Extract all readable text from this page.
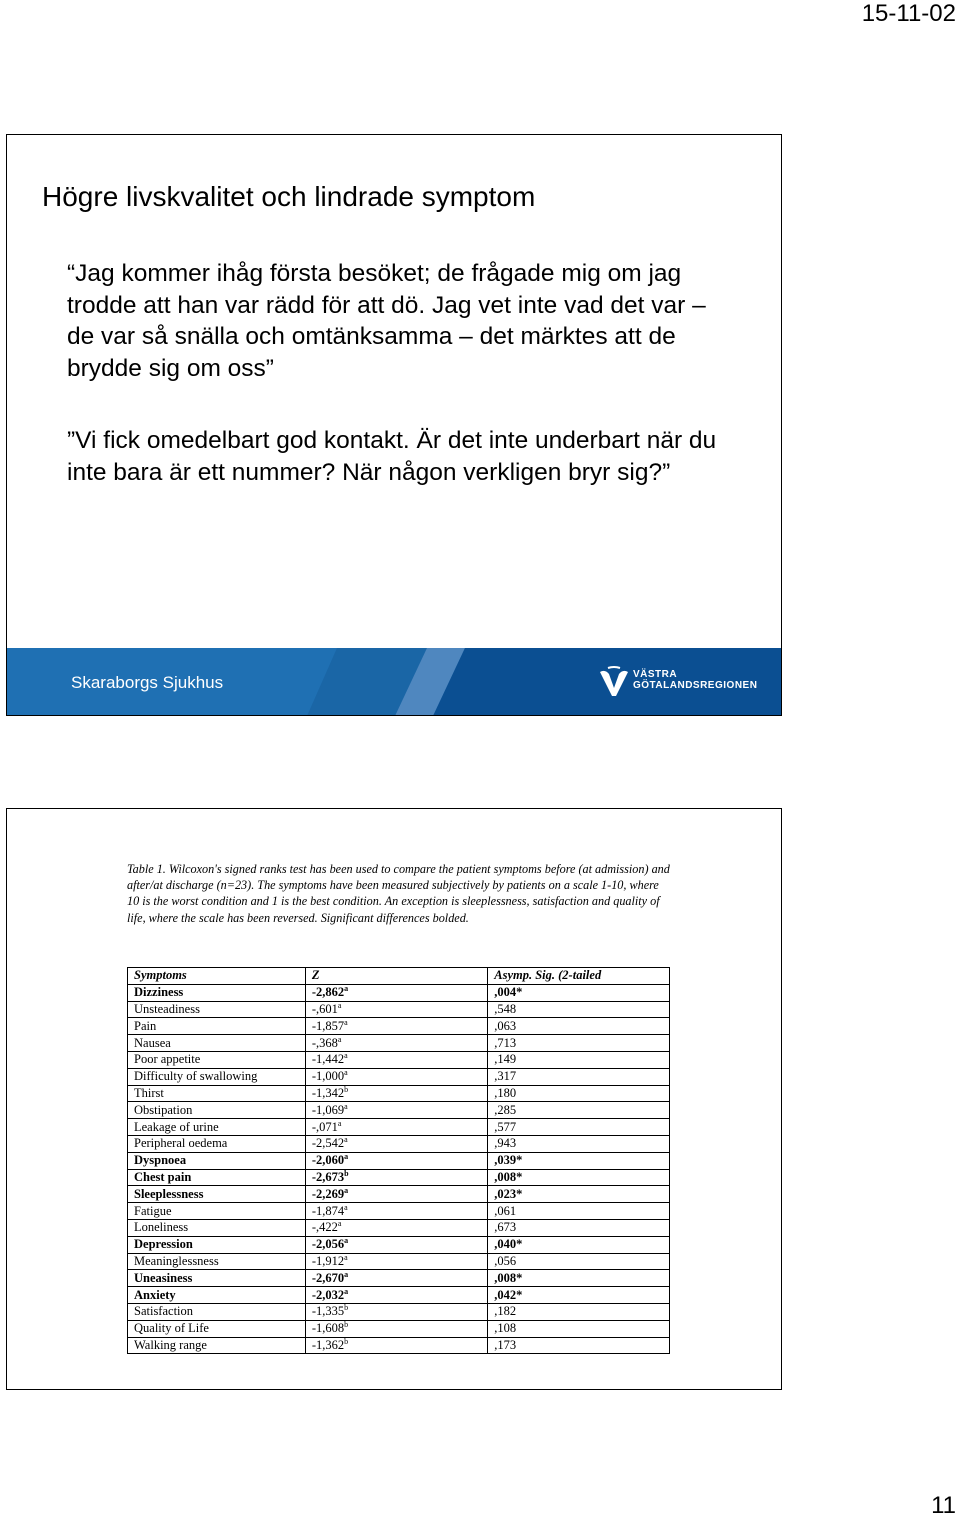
15-11-02
Högre livskvalitet och lindrade symptom
“Jag kommer ihåg första besöket; de frågade mig om jag trodde att han var rädd för att dö. Jag vet inte vad det var – de var så snälla och omtänksamma – det märktes att de brydde sig om oss”
”Vi fick omedelbart god kontakt. Är det inte underbart när du inte bara är ett nummer? När någon verkligen bryr sig?”
Skaraborgs Sjukhus	VÄSTRA
GÖTALANDSREGIONEN
Table 1. Wilcoxon's signed ranks test has been used to compare the patient symptoms before (at admission) and after/at discharge (n=23). The symptoms have been measured subjectively by patients on a scale 1-10, where 10 is the worst condition and 1 is the best condition. An exception is sleeplessness, satisfaction and quality of life, where the scale has been reversed. Significant differences bolded.
Symptoms	Z	Asymp. Sig. (2-tailed
Dizziness	-2,862$^a$	,004*
Unsteadiness	-,601$^a$	,548
Pain	-1,857$^a$	,063
Nausea	-,368$^a$	,713
Poor appetite	-1,442$^a$	,149
Difficulty of swallowing	-1,000$^a$	,317
Thirst	-1,342$^b$	,180
Obstipation	-1,069$^a$	,285
Leakage of urine	-,071$^a$	,577
Peripheral oedema	-2,542$^a$	,943
Dyspnoea	-2,060$^a$	,039*
Chest pain	-2,673$^b$	,008*
Sleeplessness	-2,269$^a$	,023*
Fatigue	-1,874$^a$	,061
Loneliness	-,422$^a$	,673
Depression	-2,056$^a$	,040*
Meaninglessness	-1,912$^a$	,056
Uneasiness	-2,670$^a$	,008*
Anxiety	-2,032$^a$	,042*
Satisfaction	-1,335$^b$	,182
Quality of Life	-1,608$^b$	,108
Walking range	-1,362$^b$	,173
11
